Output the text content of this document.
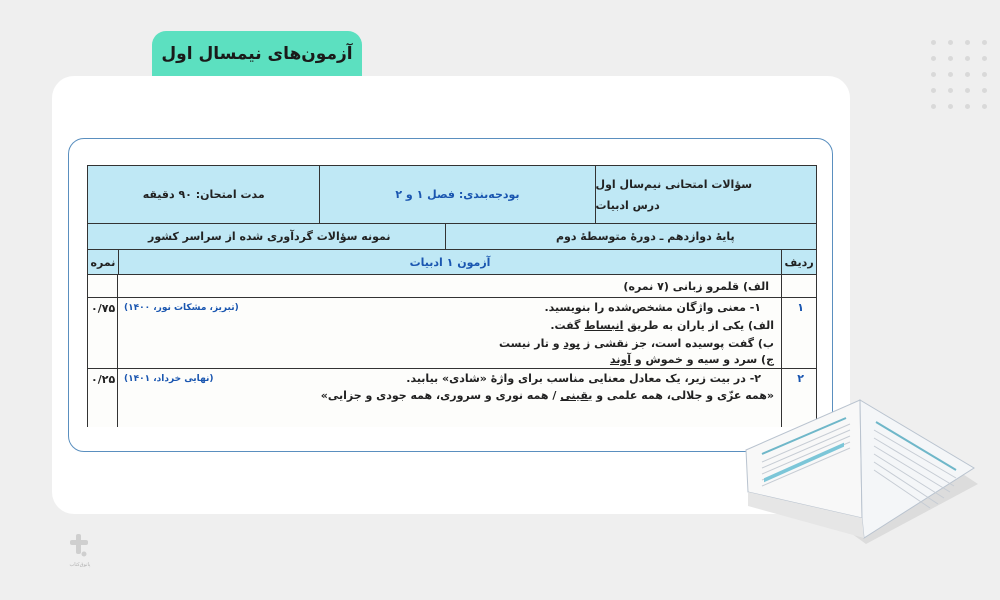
آزمون‌های نیمسال اول
سؤالات امتحانی نیم‌سال اول
درس ادبیات
بودجه‌بندی: فصل ۱ و ۲
مدت امتحان: ۹۰ دقیقه
پایهٔ دوازدهم ـ دورهٔ متوسطهٔ دوم
نمونه سؤالات گردآوری شده از سراسر کشور
ردیف
آزمون ۱ ادبیات
نمره
الف) قلمرو زبانی (۷ نمره)
۱
۰/۷۵ (تبریز، مشکات نور، ۱۴۰۰)	۱- معنی واژگان مشخص‌شده را بنویسید.
الف) یکی از یاران به طریق انبساط گفت.
ب) گفت پوسیده است، جز نقشی ز پود و تار نیست
ج) سرد و سیه و خموش و آوند
۲
۰/۲۵ (نهایی خرداد، ۱۴۰۱)	۲- در بیت زیر، یک معادل معنایی مناسب برای واژهٔ «شادی» بیابید.
«همه عزّی و جلالی، همه علمی و یقینی / همه نوری و سروری، همه جودی و جزایی»
پاتوق‌کتاب
